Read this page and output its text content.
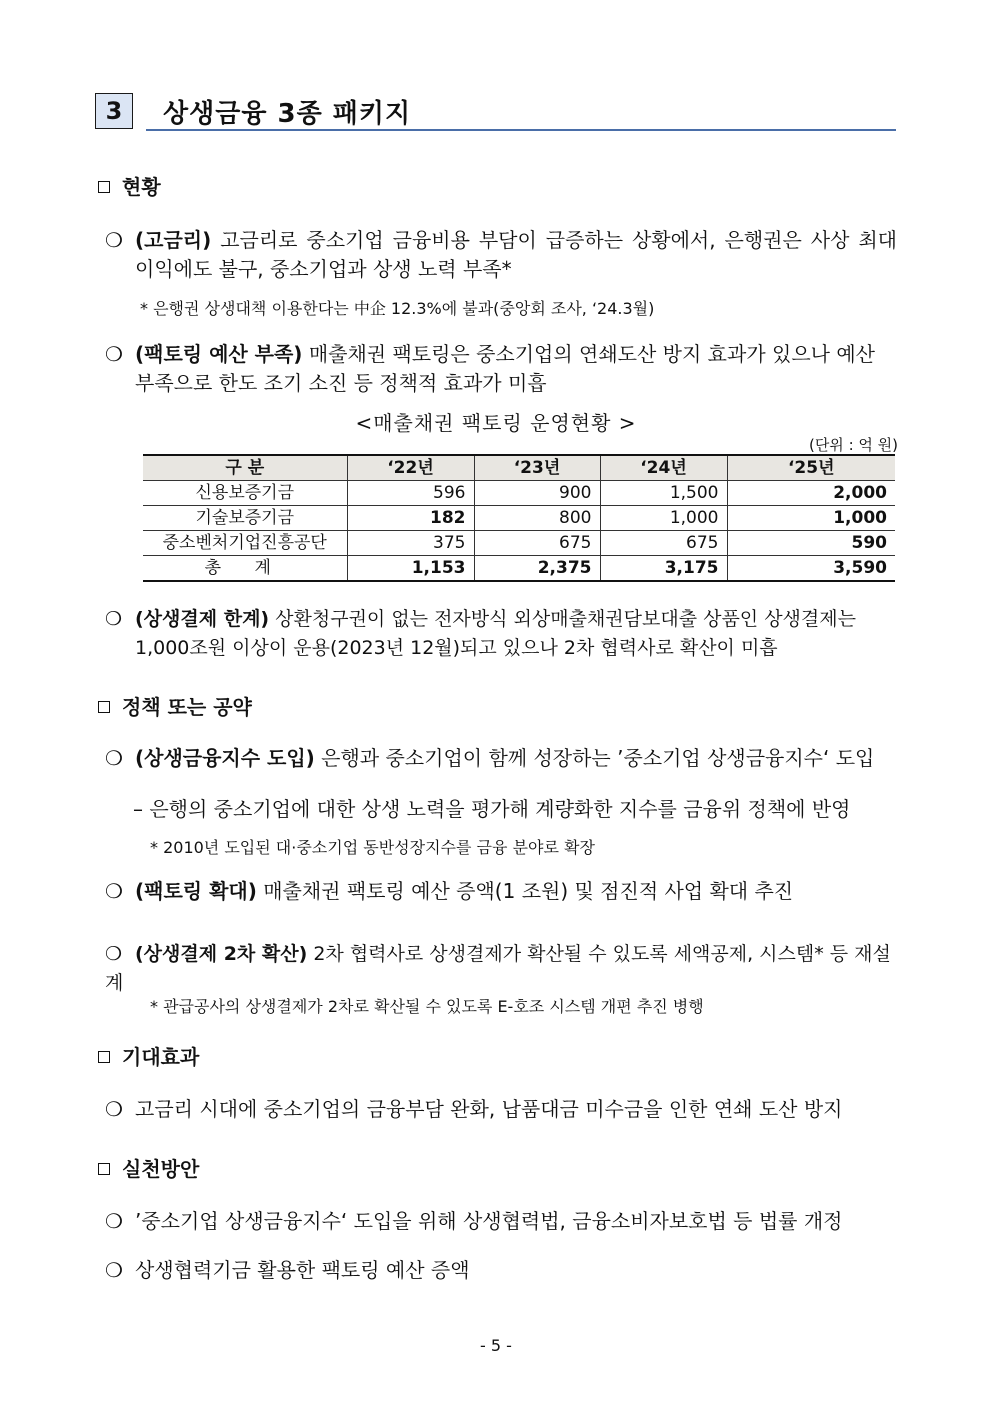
3	상생금융 3종 패키지
현황
❍ (고금리) 고금리로 중소기업 금융비용 부담이 급증하는 상황에서, 은행권은 사상 최대
이익에도 불구, 중소기업과 상생 노력 부족*
* 은행권 상생대책 이용한다는 中企 12.3%에 불과(중앙회 조사, ‘24.3월)
❍ (팩토링 예산 부족) 매출채권 팩토링은 중소기업의 연쇄도산 방지 효과가 있으나 예산
부족으로 한도 조기 소진 등 정책적 효과가 미흡
<매출채권 팩토링 운영현황 >
(단위 : 억 원)
구 분	‘22년	‘23년	‘24년	‘25년
신용보증기금	596	900	1,500	2,000
기술보증기금	182	800	1,000	1,000
중소벤처기업진흥공단	375	675	675	590
총 계	1,153	2,375	3,175	3,590
❍ (상생결제 한계) 상환청구권이 없는 전자방식 외상매출채권담보대출 상품인 상생결제는
1,000조원 이상이 운용(2023년 12월)되고 있으나 2차 협력사로 확산이 미흡
정책 또는 공약
❍ (상생금융지수 도입) 은행과 중소기업이 함께 성장하는 ’중소기업 상생금융지수‘ 도입
– 은행의 중소기업에 대한 상생 노력을 평가해 계량화한 지수를 금융위 정책에 반영
* 2010년 도입된 대·중소기업 동반성장지수를 금융 분야로 확장
❍ (팩토링 확대) 매출채권 팩토링 예산 증액(1 조원) 및 점진적 사업 확대 추진
❍ (상생결제 2차 확산) 2차 협력사로 상생결제가 확산될 수 있도록 세액공제, 시스템* 등 재설계
* 관급공사의 상생결제가 2차로 확산될 수 있도록 E-호조 시스템 개편 추진 병행
기대효과
❍ 고금리 시대에 중소기업의 금융부담 완화, 납품대금 미수금을 인한 연쇄 도산 방지
실천방안
❍ ’중소기업 상생금융지수‘ 도입을 위해 상생협력법, 금융소비자보호법 등 법률 개정
❍ 상생협력기금 활용한 팩토링 예산 증액
- 5 -
